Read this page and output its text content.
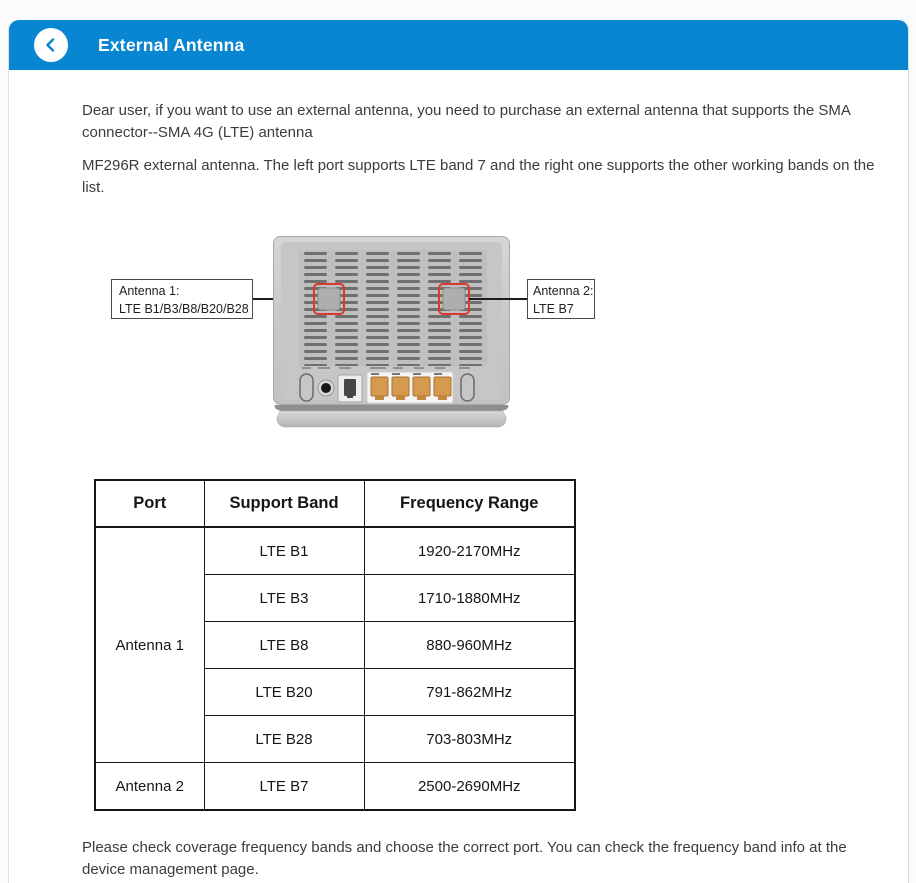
External Antenna

Dear user, if you want to use an external antenna, you need to purchase an external antenna that supports the SMA connector--SMA 4G (LTE) antenna

MF296R external antenna. The left port supports LTE band 7 and the right one supports the other working bands on the list.

Antenna 1:
LTE B1/B3/B8/B20/B28
Antenna 2:
LTE B7
Port	Support Band	Frequency Range
Antenna 1	LTE B1	1920-2170MHz
	LTE B3	1710-1880MHz
	LTE B8	880-960MHz
	LTE B20	791-862MHz
	LTE B28	703-803MHz
Antenna 2	LTE B7	2500-2690MHz

Please check coverage frequency bands and choose the correct port. You can check the frequency band info at the device management page.
